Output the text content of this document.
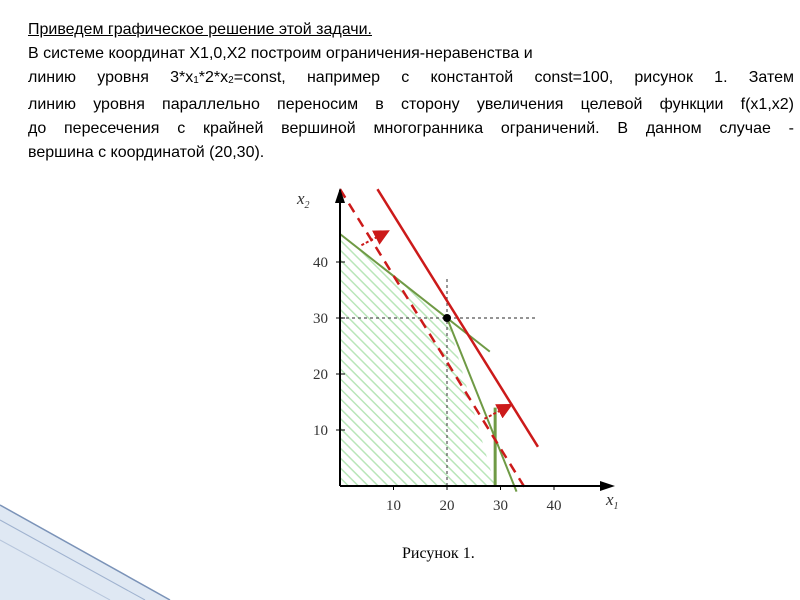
Приведем графическое решение этой задачи.

В системе координат X1,0,X2 построим ограничения-неравенства и

линию уровня 3*x1*2*x2=const, например с константой const=100, рисунок 1. Затем

линию уровня параллельно переносим в сторону увеличения целевой функции f(x1,x2)

до пересечения с крайней вершиной многогранника ограничений. В данном случае -

вершина с координатой (20,30).

10	20	30	40
10
20
30
40
$x_1$
$x_2$
Рисунок 1.
